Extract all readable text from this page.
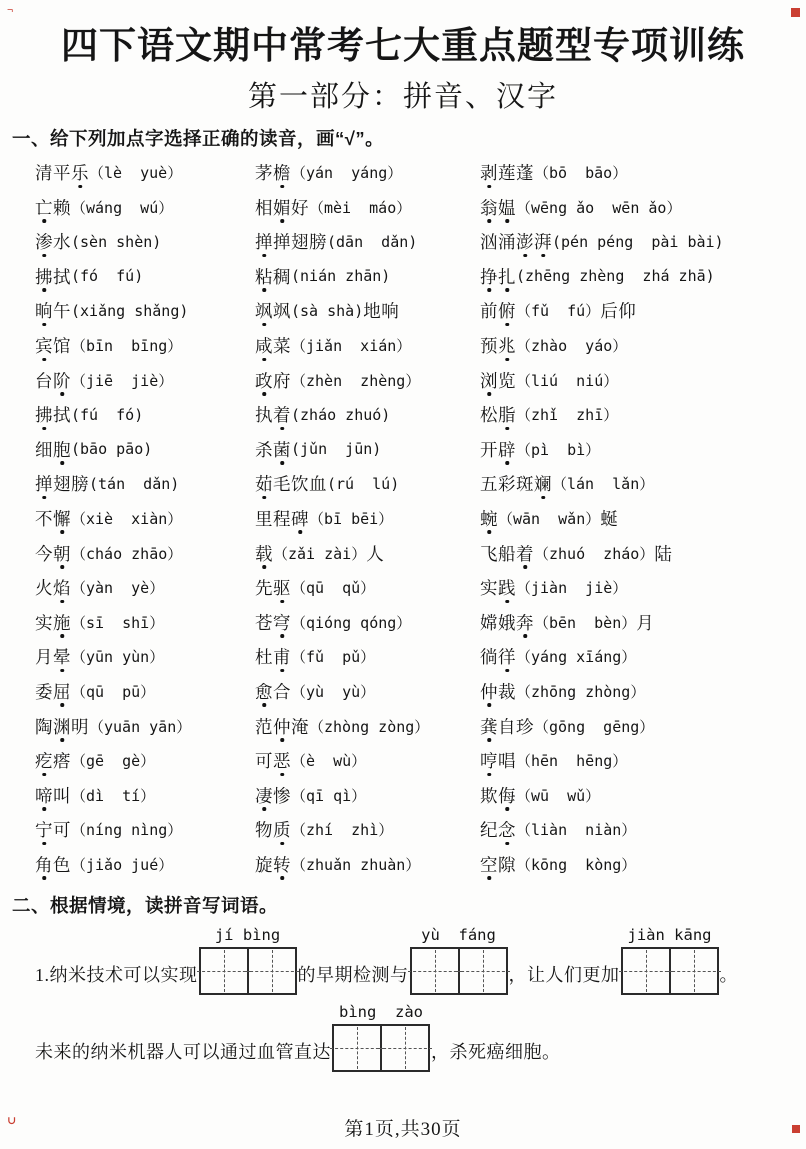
¬
∪
四下语文期中常考七大重点题型专项训练
第一部分：拼音、汉字
一、给下列加点字选择正确的读音，画“√”。
清平乐 （lè  yuè）	茅檐 （yán  yáng）	剥莲蓬 （bō  bāo）
亡赖 （wáng  wú）	相媚好 （mèi  máo）	翁媪 （wēng ǎo  wēn ǎo）
渗水 (sèn shèn)	掸掸翅膀 (dān  dǎn)	汹涌澎湃 (pén péng  pài bài)
拂拭 (fó  fú)	粘稠 (nián zhān)	挣扎 (zhēng zhèng  zhá zhā)
晌午 (xiǎng shǎng)	飒飒 (sà shà) 地响	前俯 （fǔ  fú） 后仰
宾馆 （bīn  bīng）	咸菜 （jiǎn  xián）	预兆 （zhào  yáo）
台阶 （jiē  jiè）	政府 （zhèn  zhèng）	浏览 （liú  niú）
拂拭 (fú  fó)	执着 (zháo zhuó)	松脂 （zhǐ  zhī）
细胞 (bāo pāo)	杀菌 (jǔn  jūn)	开辟 （pì  bì）
掸翅膀 (tán  dǎn)	茹毛饮血 (rú  lú)	五彩斑斓 （lán  lǎn）
不懈 （xiè  xiàn）	里程碑 （bī bēi）	蜿 （wān  wǎn） 蜒
今朝 （cháo zhāo）	载 （zǎi zài） 人	飞船着 （zhuó  zháo） 陆
火焰 （yàn  yè）	先驱 （qū  qǔ）	实践 （jiàn  jiè）
实施 （sī  shī）	苍穹 （qióng qóng）	嫦娥奔 （bēn  bèn） 月
月晕 （yūn yùn）	杜甫 （fǔ  pǔ）	徜徉 （yáng xīáng）
委屈 （qū  pū）	愈合 （yù  yù）	仲裁 （zhōng zhòng）
陶渊明 （yuān yān）	范仲淹 （zhòng zòng）	龚自珍 （gōng  gēng）
疙瘩 （gē  gè）	可恶 （è  wù）	哼唱 （hēn  hēng）
啼叫 （dì  tí）	凄惨 （qī qì）	欺侮 （wū  wǔ）
宁可 （níng nìng）	物质 （zhí  zhì）	纪念 （liàn  niàn）
角色 （jiǎo jué）	旋转 （zhuǎn zhuàn）	空隙 （kōng  kòng）
二、根据情境，读拼音写词语。
1.纳米技术可以实现
jí bìng
的早期检测与
yù  fáng
，让人们更加
jiàn kāng
。
未来的纳米机器人可以通过血管直达
bìng  zào
，杀死癌细胞。
第1页,共30页
